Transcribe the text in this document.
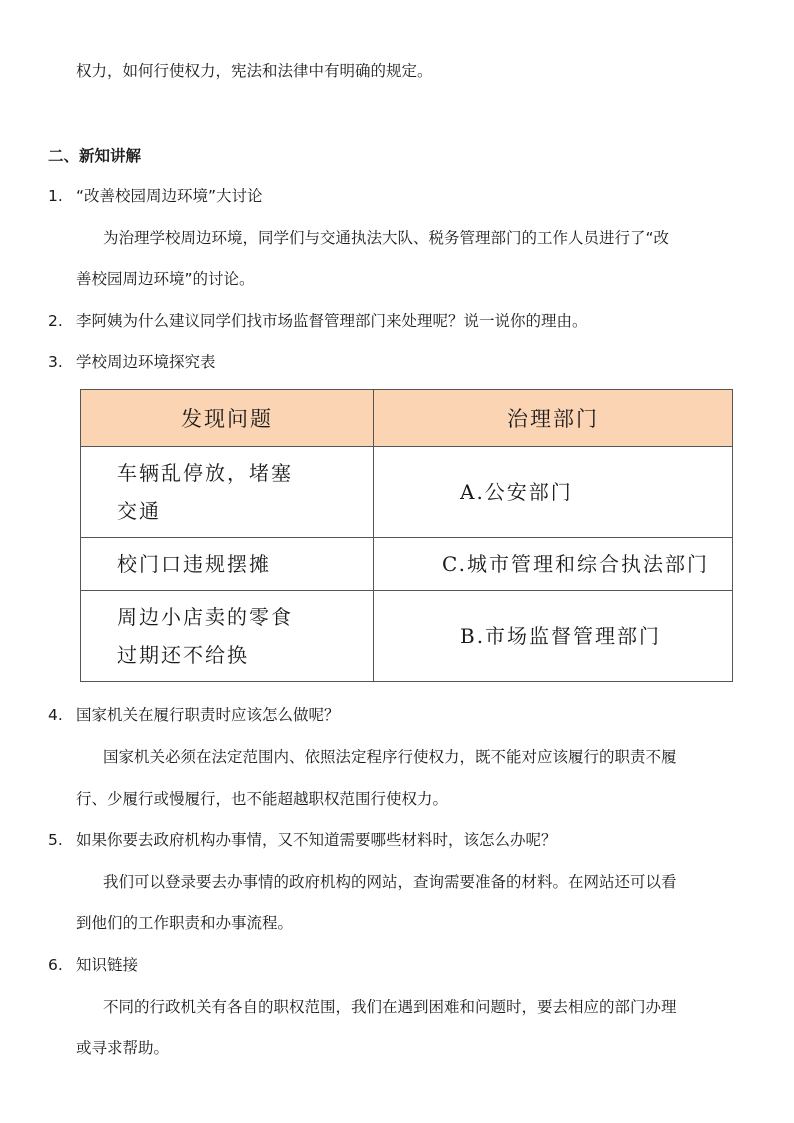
权力，如何行使权力，宪法和法律中有明确的规定。
二、新知讲解
1. “改善校园周边环境”大讨论
为治理学校周边环境，同学们与交通执法大队、税务管理部门的工作人员进行了“改
善校园周边环境”的讨论。
2. 李阿姨为什么建议同学们找市场监督管理部门来处理呢？说一说你的理由。
3. 学校周边环境探究表
发现问题	治理部门

车辆乱停放，堵塞
交通	A.公安部门

校门口违规摆摊	C.城市管理和综合执法部门

周边小店卖的零食
过期还不给换	B.市场监督管理部门
4. 国家机关在履行职责时应该怎么做呢？
国家机关必须在法定范围内、依照法定程序行使权力，既不能对应该履行的职责不履
行、少履行或慢履行，也不能超越职权范围行使权力。
5. 如果你要去政府机构办事情，又不知道需要哪些材料时，该怎么办呢？
我们可以登录要去办事情的政府机构的网站，查询需要准备的材料。在网站还可以看
到他们的工作职责和办事流程。
6. 知识链接
不同的行政机关有各自的职权范围，我们在遇到困难和问题时，要去相应的部门办理
或寻求帮助。
